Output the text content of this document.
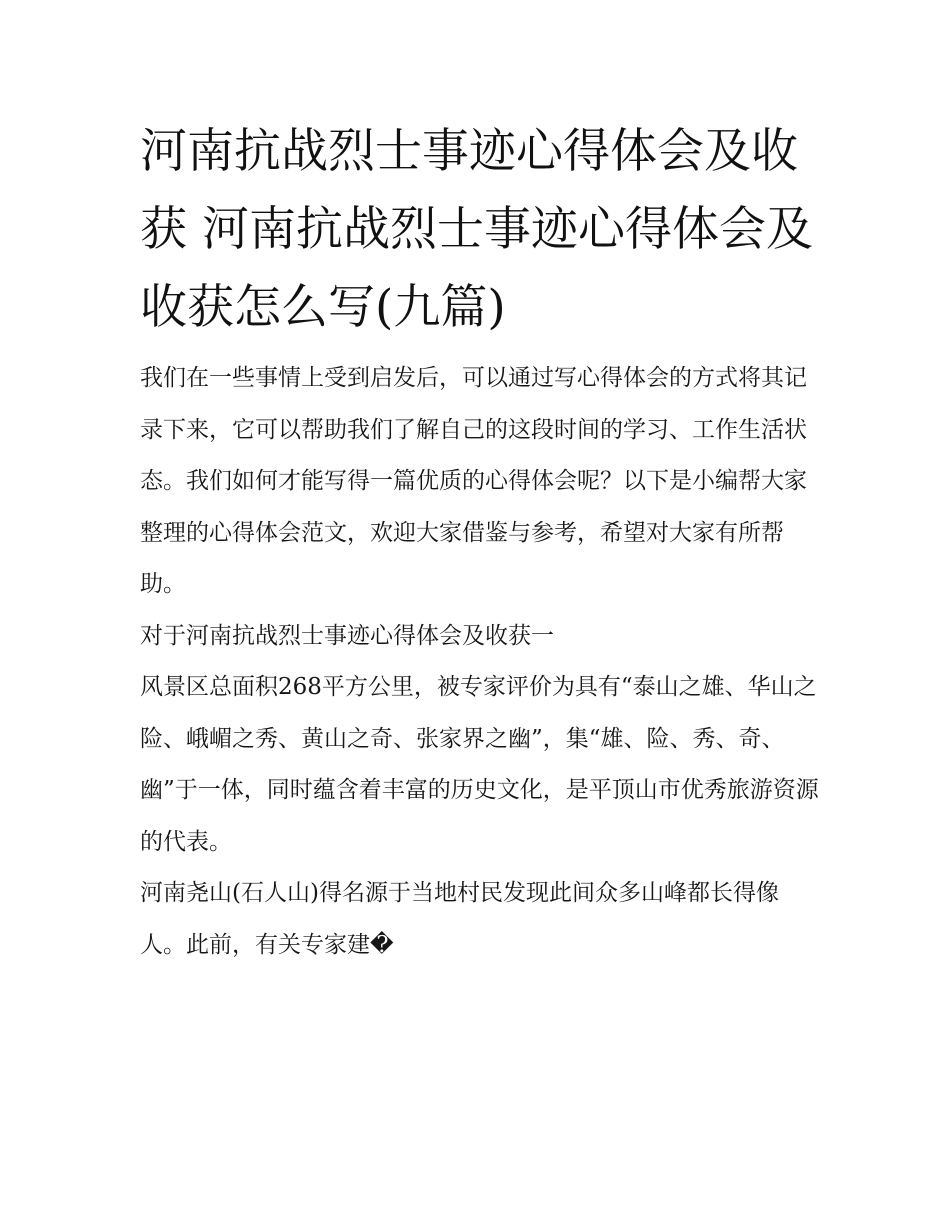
河南抗战烈士事迹心得体会及收获 河南抗战烈士事迹心得体会及收获怎么写(九篇)

我们在一些事情上受到启发后，可以通过写心得体会的方式将其记录下来，它可以帮助我们了解自己的这段时间的学习、工作生活状态。我们如何才能写得一篇优质的心得体会呢？以下是小编帮大家整理的心得体会范文，欢迎大家借鉴与参考，希望对大家有所帮助。

对于河南抗战烈士事迹心得体会及收获一

风景区总面积268平方公里，被专家评价为具有“泰山之雄、华山之险、峨嵋之秀、黄山之奇、张家界之幽”，集“雄、险、秀、奇、幽”于一体，同时蕴含着丰富的历史文化，是平顶山市优秀旅游资源的代表。

河南尧山(石人山)得名源于当地村民发现此间众多山峰都长得像人。此前，有关专家建�
